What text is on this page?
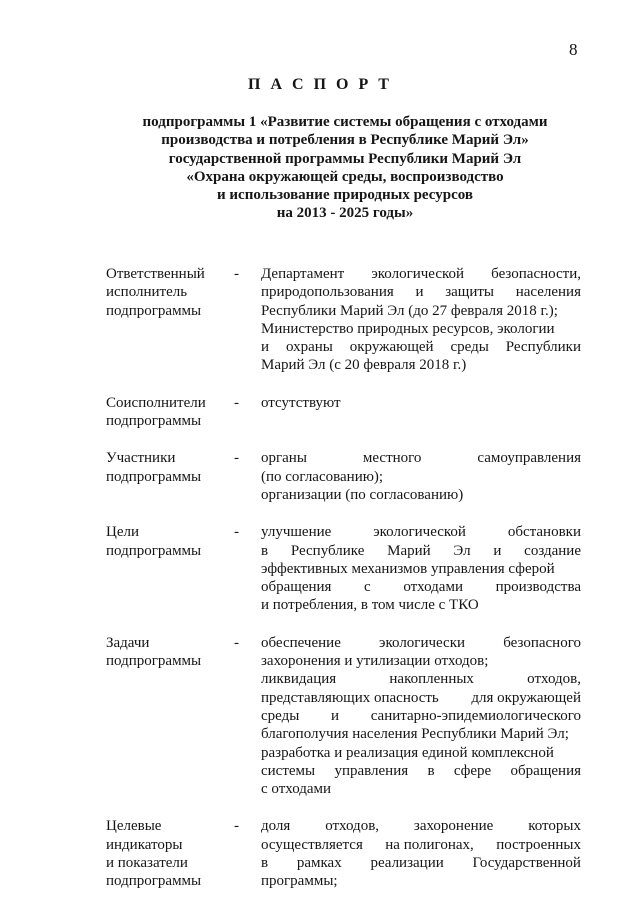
8
П А С П О Р Т
подпрограммы 1 «Развитие системы обращения с отходами
производства и потребления в Республике Марий Эл»
государственной программы Республики Марий Эл
«Охрана окружающей среды, воспроизводство
и использование природных ресурсов
на 2013 - 2025 годы»
Ответственный
исполнитель
подпрограммы
-	Департамент экологической безопасности,
природопользования и защиты населения
Республики Марий Эл (до 27 февраля 2018 г.);
Министерство природных ресурсов, экологии
и охраны окружающей среды Республики
Марий Эл (с 20 февраля 2018 г.)
Соисполнители
подпрограммы
-	отсутствуют
Участники
подпрограммы
-	органы	местного	самоуправления
(по согласованию);
организации (по согласованию)
Цели
подпрограммы
-	улучшение	экологической	обстановки
в Республике Марий Эл и создание
эффективных механизмов управления сферой
обращения с отходами производства
и потребления, в том числе с ТКО
Задачи
подпрограммы
-	обеспечение	экологически	безопасного
захоронения и утилизации отходов;
ликвидация	накопленных	отходов,
представляющих опасность для окружающей
среды и санитарно-эпидемиологического
благополучия населения Республики Марий Эл;
разработка и реализация единой комплексной
системы управления в сфере обращения
с отходами
Целевые
индикаторы
и показатели
подпрограммы
-	доля отходов, захоронение которых
осуществляется на полигонах, построенных
в рамках реализации Государственной
программы;
